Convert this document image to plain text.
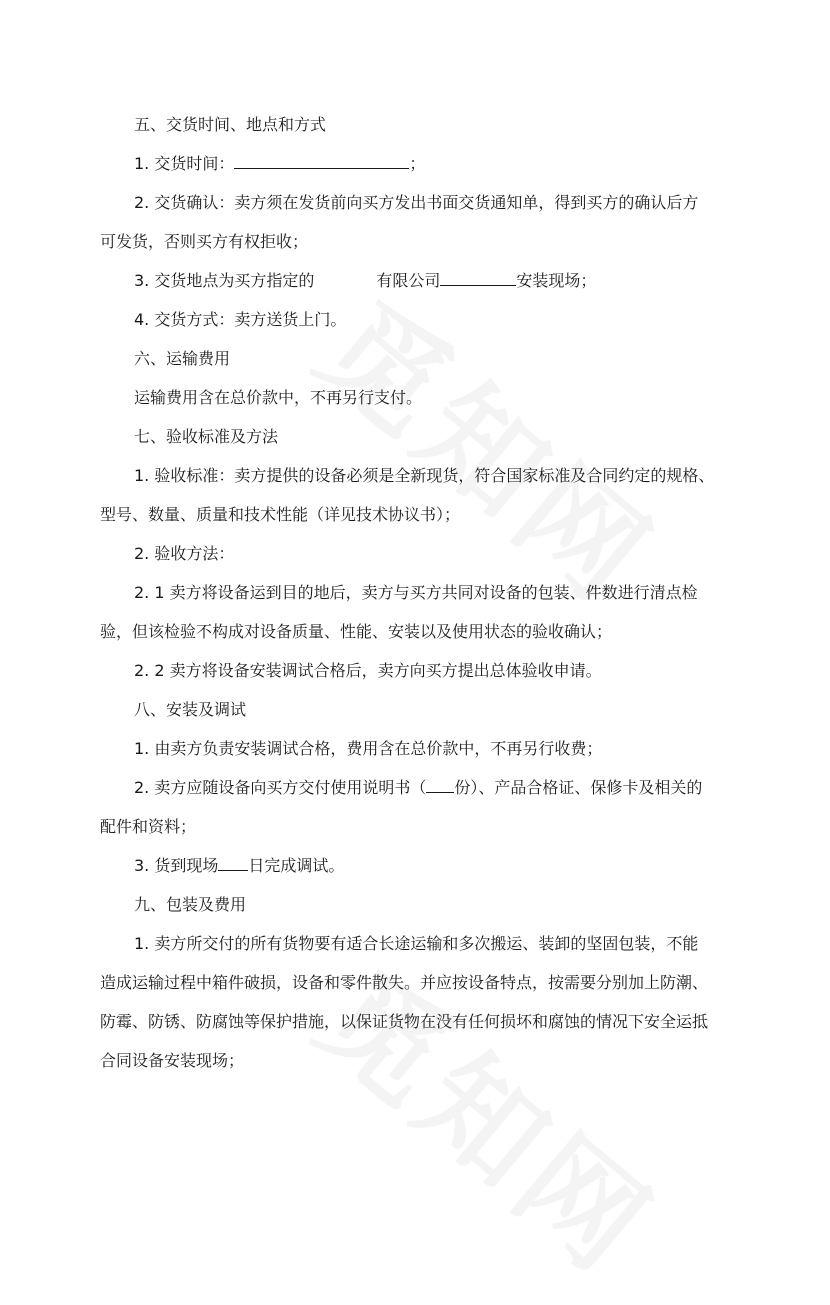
五、交货时间、地点和方式
1. 交货时间：	；
2. 交货确认：卖方须在发货前向买方发出书面交货通知单，得到买方的确认后方
可发货，否则买方有权拒收；
3. 交货地点为买方指定的	有限公司	安装现场；
4. 交货方式：卖方送货上门。
六、运输费用
运输费用含在总价款中，不再另行支付。
七、验收标准及方法
1. 验收标准：卖方提供的设备必须是全新现货，符合国家标准及合同约定的规格、
型号、数量、质量和技术性能（详见技术协议书）；
2. 验收方法：
2. 1 卖方将设备运到目的地后，卖方与买方共同对设备的包装、件数进行清点检
验，但该检验不构成对设备质量、性能、安装以及使用状态的验收确认；
2. 2 卖方将设备安装调试合格后，卖方向买方提出总体验收申请。
八、安装及调试
1. 由卖方负责安装调试合格，费用含在总价款中，不再另行收费；
2. 卖方应随设备向买方交付使用说明书（ 份）、产品合格证、保修卡及相关的
配件和资料；
3. 货到现场 日完成调试。
九、包装及费用
1. 卖方所交付的所有货物要有适合长途运输和多次搬运、装卸的坚固包装，不能
造成运输过程中箱件破损，设备和零件散失。并应按设备特点，按需要分别加上防潮、
防霉、防锈、防腐蚀等保护措施，以保证货物在没有任何损坏和腐蚀的情况下安全运抵
合同设备安装现场；
